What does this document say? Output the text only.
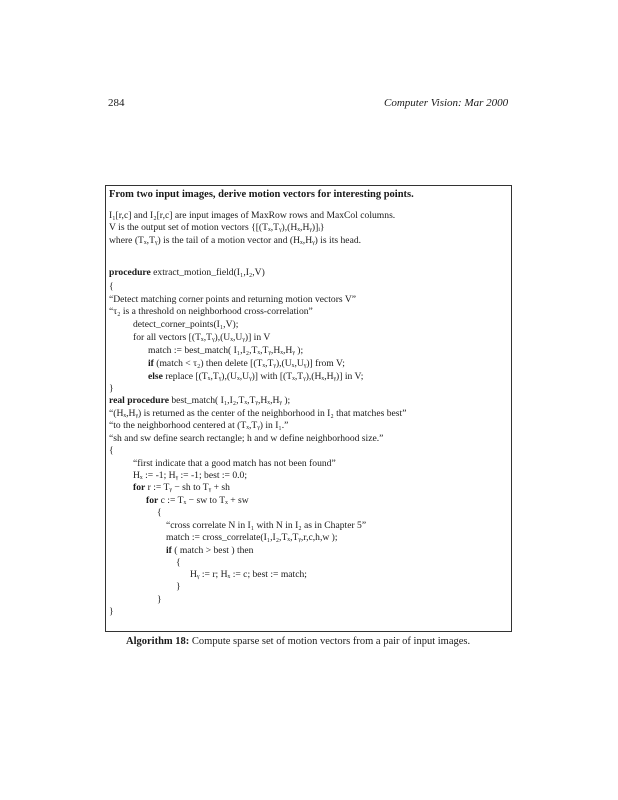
284	Computer Vision: Mar 2000
From two input images, derive motion vectors for interesting points.
I₁[r,c] and I₂[r,c] are input images of MaxRow rows and MaxCol columns.
V is the output set of motion vectors {[(Tₓ,Tᵧ),(Hₓ,Hᵧ)]ᵢ}
where (Tₓ,Tᵧ) is the tail of a motion vector and (Hₓ,Hᵧ) is its head.
procedure extract_motion_field(I₁,I₂,V)
{
“Detect matching corner points and returning motion vectors V”
“τ₂ is a threshold on neighborhood cross-correlation”
detect_corner_points(I₁,V);
for all vectors [(Tₓ,Tᵧ),(Uₓ,Uᵧ)] in V
match := best_match( I₁,I₂,Tₓ,Tᵧ,Hₓ,Hᵧ );
if (match < τ₂) then delete [(Tₓ,Tᵧ),(Uₓ,Uᵧ)] from V;
else replace [(Tₓ,Tᵧ),(Uₓ,Uᵧ)] with [(Tₓ,Tᵧ),(Hₓ,Hᵧ)] in V;
}
real procedure best_match( I₁,I₂,Tₓ,Tᵧ,Hₓ,Hᵧ );
“(Hₓ,Hᵧ) is returned as the center of the neighborhood in I₂ that matches best”
“to the neighborhood centered at (Tₓ,Tᵧ) in I₁.”
“sh and sw define search rectangle; h and w define neighborhood size.”
{
“first indicate that a good match has not been found”
Hₓ := -1; Hᵧ := -1; best := 0.0;
for r := Tᵧ − sh to Tᵧ + sh
for c := Tₓ − sw to Tₓ + sw
{
“cross correlate N in I₁ with N in I₂ as in Chapter 5”
match := cross_correlate(I₁,I₂,Tₓ,Tᵧ,r,c,h,w );
if ( match > best ) then
{
Hᵧ := r; Hₓ := c; best := match;
}
}
}
Algorithm 18: Compute sparse set of motion vectors from a pair of input images.
